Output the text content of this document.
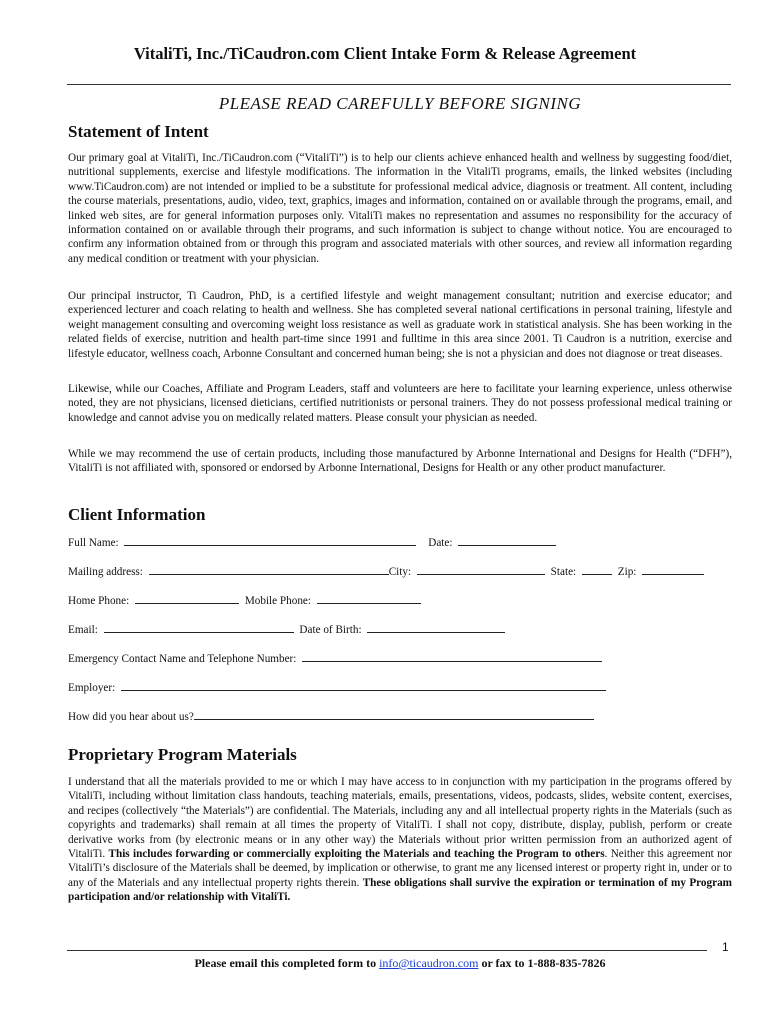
VitaliTi, Inc./TiCaudron.com Client Intake Form & Release Agreement
PLEASE READ CAREFULLY BEFORE SIGNING
Statement of Intent

Our primary goal at VitaliTi, Inc./TiCaudron.com (“VitaliTi”) is to help our clients achieve enhanced health and wellness by suggesting food/diet, nutritional supplements, exercise and lifestyle modifications. The information in the VitaliTi programs, emails, the linked websites (including www.TiCaudron.com) are not intended or implied to be a substitute for professional medical advice, diagnosis or treatment. All content, including the course materials, presentations, audio, video, text, graphics, images and information, contained on or available through the programs, email, and linked web sites, are for general information purposes only. VitaliTi makes no representation and assumes no responsibility for the accuracy of information contained on or available through their programs, and such information is subject to change without notice. You are encouraged to confirm any information obtained from or through this program and associated materials with other sources, and review all information regarding any medical condition or treatment with your physician.

Our principal instructor, Ti Caudron, PhD, is a certified lifestyle and weight management consultant; nutrition and exercise educator; and experienced lecturer and coach relating to health and wellness. She has completed several national certifications in personal training, lifestyle and weight management consulting and overcoming weight loss resistance as well as graduate work in statistical analysis. She has been working in the related fields of exercise, nutrition and health part-time since 1991 and fulltime in this area since 2001. Ti Caudron is a nutrition, exercise and lifestyle educator, wellness coach, Arbonne Consultant and concerned human being; she is not a physician and does not diagnose or treat diseases.

Likewise, while our Coaches, Affiliate and Program Leaders, staff and volunteers are here to facilitate your learning experience, unless otherwise noted, they are not physicians, licensed dieticians, certified nutritionists or personal trainers. They do not possess professional medical training or knowledge and cannot advise you on medically related matters. Please consult your physician as needed.

While we may recommend the use of certain products, including those manufactured by Arbonne International and Designs for Health (“DFH”), VitaliTi is not affiliated with, sponsored or endorsed by Arbonne International, Designs for Health or any other product manufacturer.

Client Information
Full Name:	Date:
Mailing address:	City:	State:	Zip:
Home Phone:	Mobile Phone:
Email:	Date of Birth:
Emergency Contact Name and Telephone Number:
Employer:
How did you hear about us?
Proprietary Program Materials

I understand that all the materials provided to me or which I may have access to in conjunction with my participation in the programs offered by VitaliTi, including without limitation class handouts, teaching materials, emails, presentations, videos, podcasts, slides, website content, exercises, and recipes (collectively “the Materials”) are confidential. The Materials, including any and all intellectual property rights in the Materials (such as copyrights and trademarks) shall remain at all times the property of VitaliTi. I shall not copy, distribute, display, publish, perform or create derivative works from (by electronic means or in any other way) the Materials without prior written permission from an authorized agent of VitaliTi. This includes forwarding or commercially exploiting the Materials and teaching the Program to others. Neither this agreement nor VitaliTi’s disclosure of the Materials shall be deemed, by implication or otherwise, to grant me any licensed interest or property right in, under or to any of the Materials and any intellectual property rights therein. These obligations shall survive the expiration or termination of my Program participation and/or relationship with VitaliTi.

1
Please email this completed form to info@ticaudron.com or fax to 1-888-835-7826
